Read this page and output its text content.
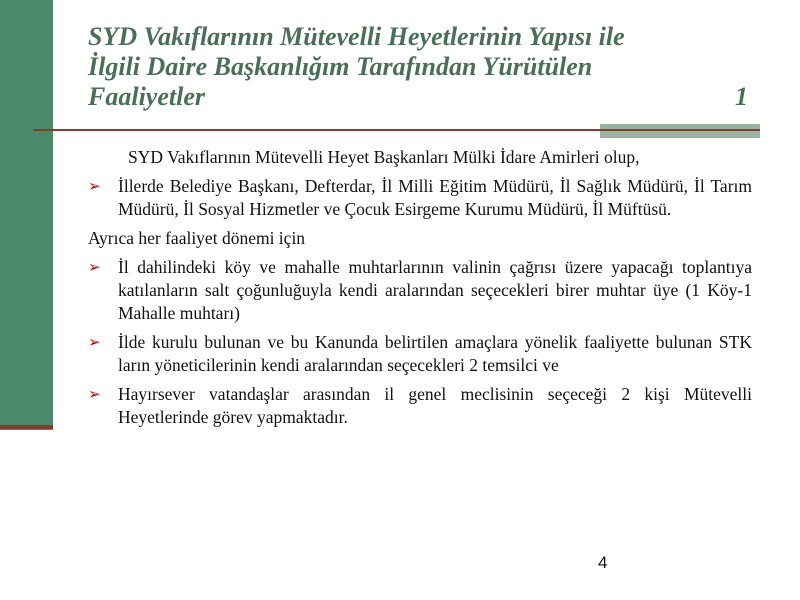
SYD Vakıflarının Mütevelli Heyetlerinin Yapısı ile
İlgili Daire Başkanlığım Tarafından Yürütülen
Faaliyetler	1

SYD Vakıflarının Mütevelli Heyet Başkanları Mülki İdare Amirleri olup,

➢ İllerde Belediye Başkanı, Defterdar, İl Milli Eğitim Müdürü, İl Sağlık Müdürü, İl Tarım Müdürü, İl Sosyal Hizmetler ve Çocuk Esirgeme Kurumu Müdürü, İl Müftüsü.

Ayrıca her faaliyet dönemi için

➢ İl dahilindeki köy ve mahalle muhtarlarının valinin çağrısı üzere yapacağı toplantıya katılanların salt çoğunluğuyla kendi aralarından seçecekleri birer muhtar üye (1 Köy-1 Mahalle muhtarı)
➢ İlde kurulu bulunan ve bu Kanunda belirtilen amaçlara yönelik faaliyette bulunan STK ların yöneticilerinin kendi aralarından seçecekleri 2 temsilci ve
➢ Hayırsever vatandaşlar arasından il genel meclisinin seçeceği 2 kişi Mütevelli Heyetlerinde görev yapmaktadır.
4
